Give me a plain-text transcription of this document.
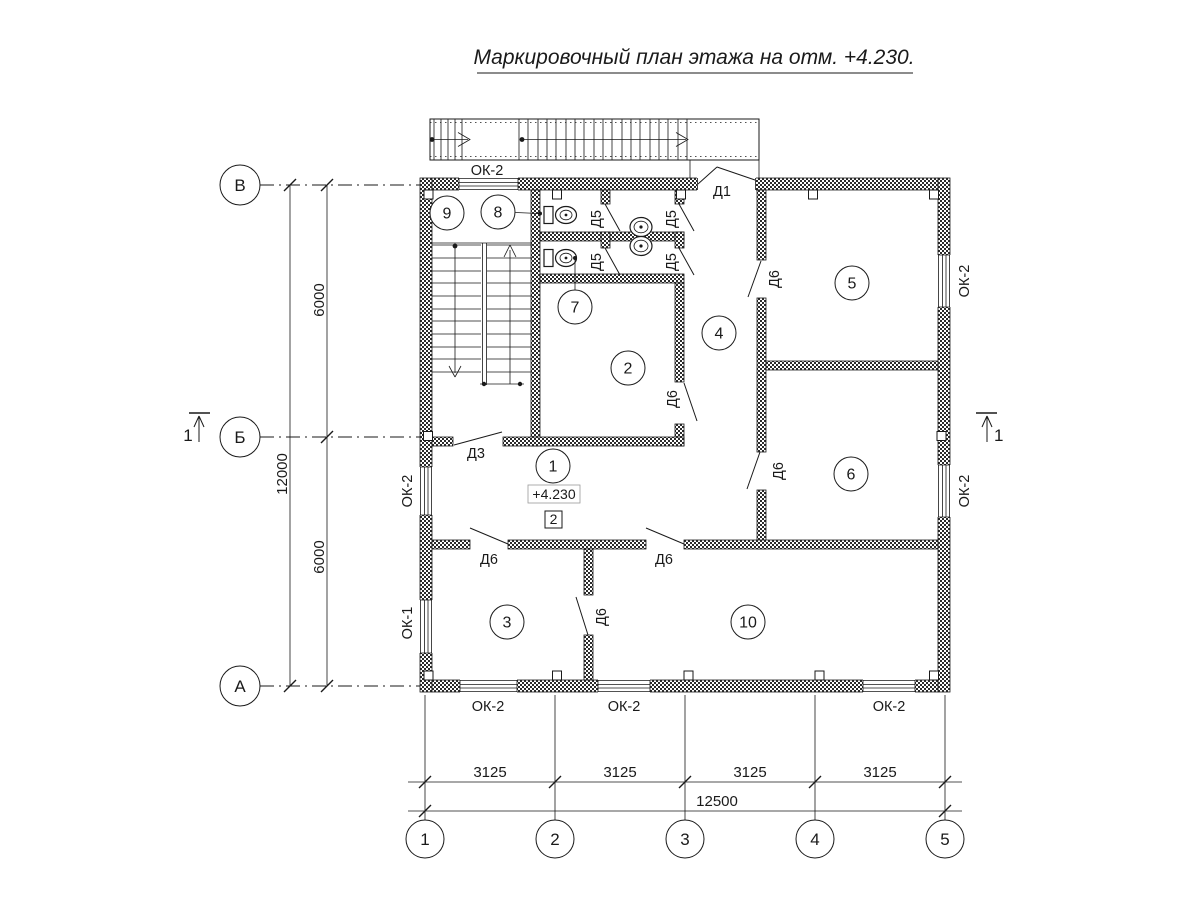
Маркировочный план этажа на отм. +4.230.
В
Б
А
6000
12000
6000
3125	3125	3125	3125
12500
1	2	3	4	5
1
2
3
4
5
6
7
8
9
10
Д1
Д3
Д5	Д5
Д5	Д5
Д6
Д6
Д6
Д6	Д6
Д6
ОК-2
ОК-2
ОК-1
ОК-2
ОК-2
ОК-2	ОК-2	ОК-2
+4.230
2
1	1
